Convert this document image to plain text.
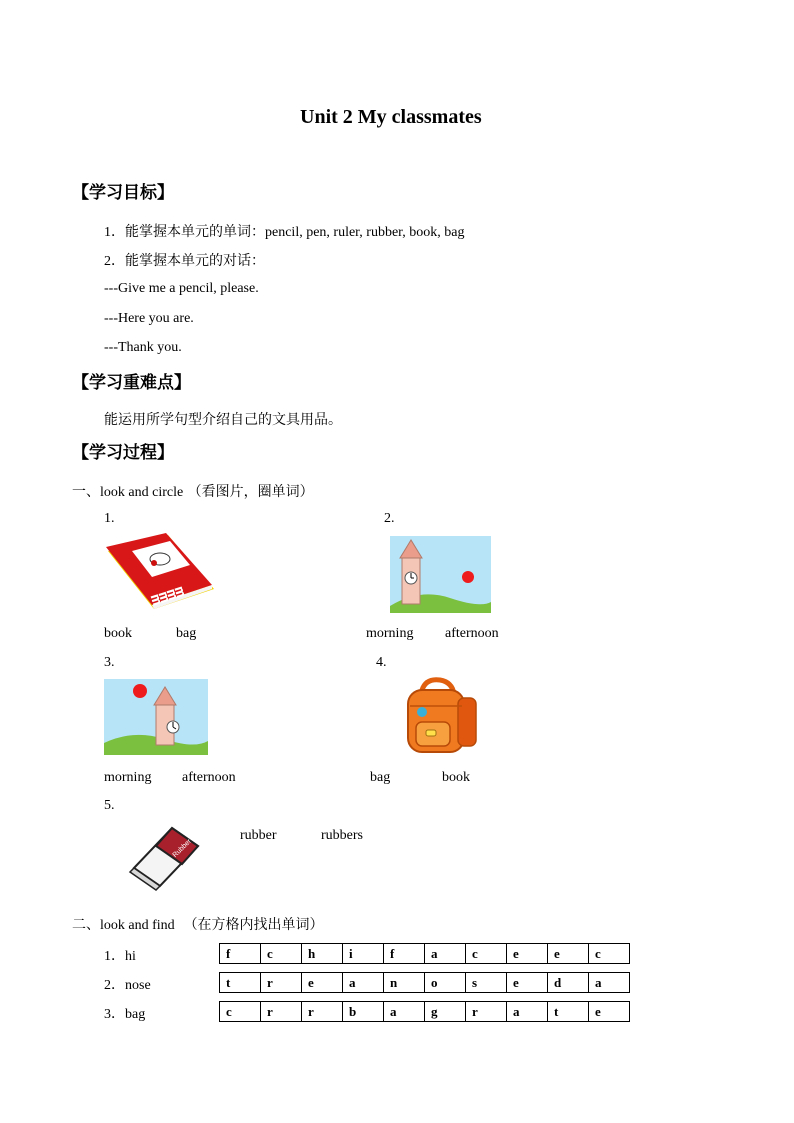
Unit 2 My classmates
【学习目标】
1．能掌握本单元的单词：pencil, pen, ruler, rubber, book, bag
2．能掌握本单元的对话：
---Give me a pencil, please.
---Here you are.
---Thank you.
【学习重难点】
能运用所学句型介绍自己的文具用品。
【学习过程】
一、look and circle （看图片，圈单词）
1.
ᴟᴟᴟᴟ
book	bag
2.
morning afternoon
3.
morning afternoon
4.
bag	book
5.
Rubber
rubber	rubbers
二、look and find （在方格内找出单词）
1．hi
2．nose
3．bag
f	c	h	i	f	a	c	e	e	c
t	r	e	a	n	o	s	e	d	a
c	r	r	b	a	g	r	a	t	e
